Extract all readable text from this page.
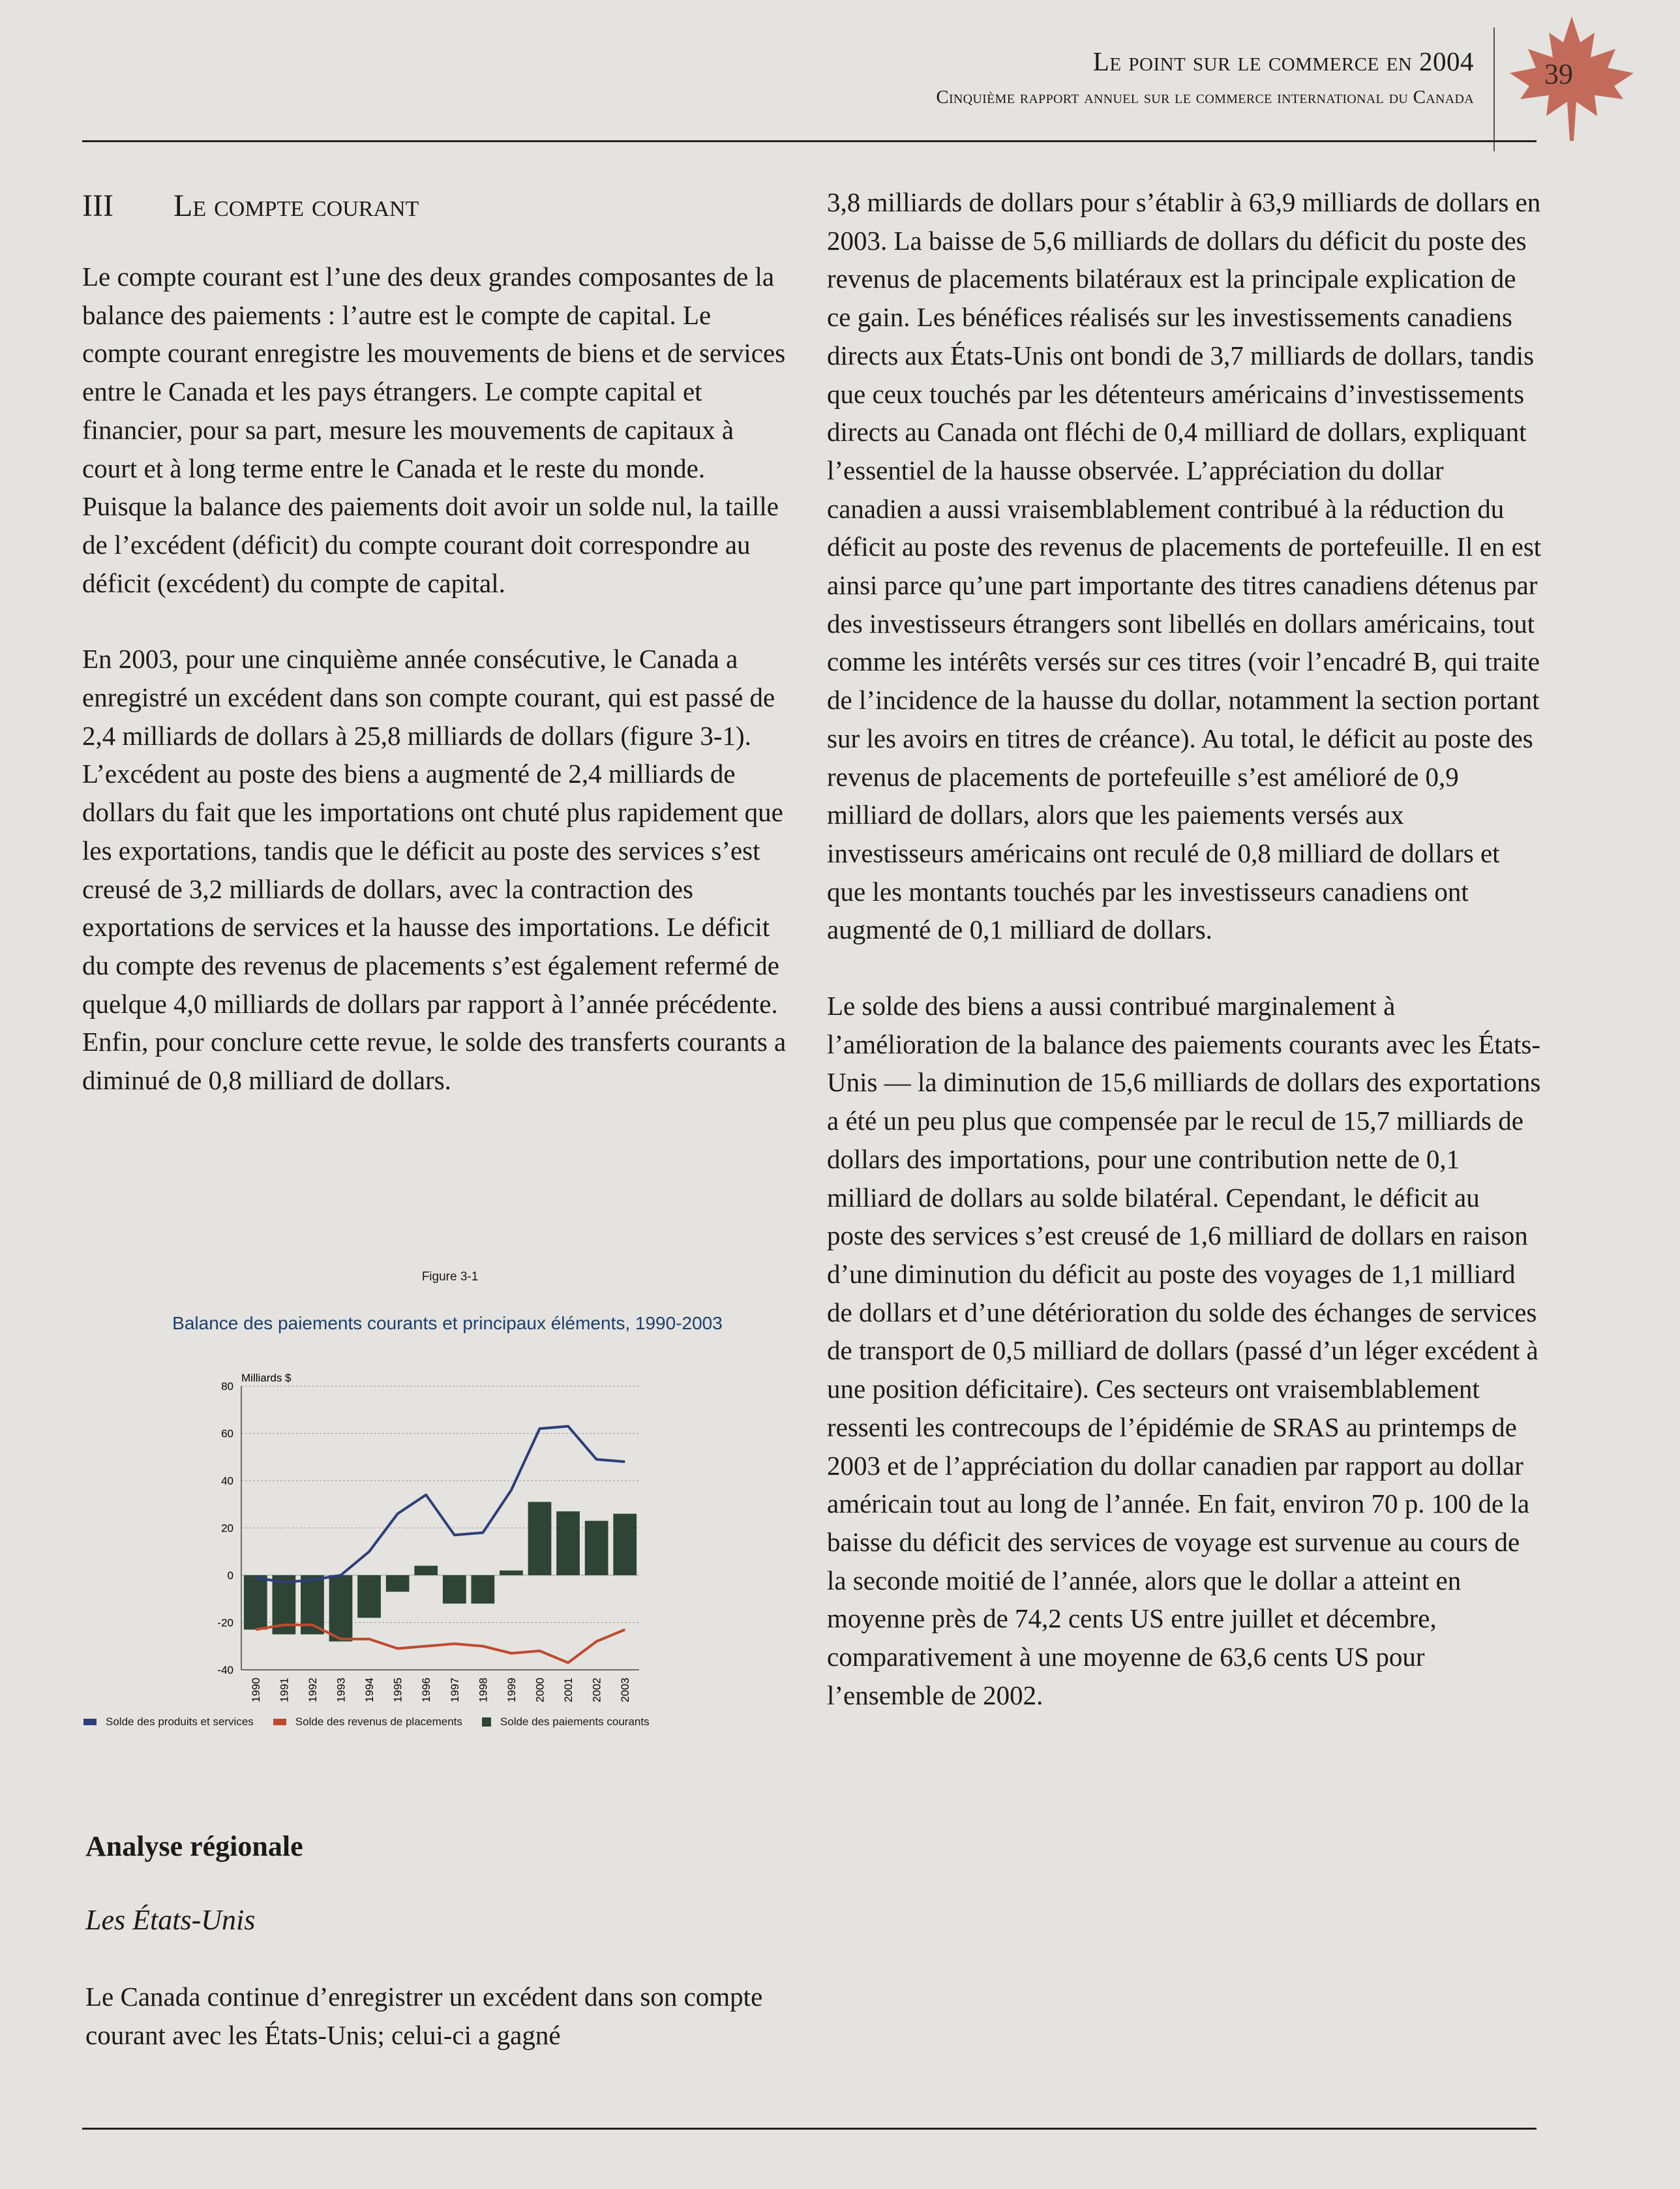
Le point sur le commerce en 2004
Cinquième rapport annuel sur le commerce international du Canada
39
III Le compte courant

Le compte courant est l’une des deux grandes composantes de la balance des paiements : l’autre est le compte de capital. Le compte courant enregistre les mouvements de biens et de services entre le Canada et les pays étrangers. Le compte capital et financier, pour sa part, mesure les mouvements de capitaux à court et à long terme entre le Canada et le reste du monde. Puisque la balance des paiements doit avoir un solde nul, la taille de l’excédent (déficit) du compte courant doit correspondre au déficit (excédent) du compte de capital.

En 2003, pour une cinquième année consécutive, le Canada a enregistré un excédent dans son compte courant, qui est passé de 2,4 milliards de dollars à 25,8 milliards de dollars (figure 3-1). L’excédent au poste des biens a augmenté de 2,4 milliards de dollars du fait que les importations ont chuté plus rapidement que les exportations, tandis que le déficit au poste des services s’est creusé de 3,2 milliards de dollars, avec la contraction des exportations de services et la hausse des importations. Le déficit du compte des revenus de placements s’est également refermé de quelque 4,0 milliards de dollars par rapport à l’année précédente. Enfin, pour conclure cette revue, le solde des transferts courants a diminué de 0,8 milliard de dollars.

Figure 3-1
Balance des paiements courants et principaux éléments, 1990-2003
Milliards $
-40
-20
0
20
40
60
80
1990 1991 1992 1993 1994 1995 1996 1997 1998 1999 2000 2001 2002 2003
Solde des produits et services	Solde des revenus de placements	Solde des paiements courants
Analyse régionale
Les États-Unis
Le Canada continue d’enregistrer un excédent dans son compte courant avec les États-Unis; celui-ci a gagné

3,8 milliards de dollars pour s’établir à 63,9 milliards de dollars en 2003. La baisse de 5,6 milliards de dollars du déficit du poste des revenus de placements bilatéraux est la principale explication de ce gain. Les bénéfices réalisés sur les investissements canadiens directs aux États-Unis ont bondi de 3,7 milliards de dollars, tandis que ceux touchés par les détenteurs américains d’investissements directs au Canada ont fléchi de 0,4 milliard de dollars, expliquant l’essentiel de la hausse observée. L’appréciation du dollar canadien a aussi vraisemblablement contribué à la réduction du déficit au poste des revenus de placements de portefeuille. Il en est ainsi parce qu’une part importante des titres canadiens détenus par des investisseurs étrangers sont libellés en dollars américains, tout comme les intérêts versés sur ces titres (voir l’encadré B, qui traite de l’incidence de la hausse du dollar, notamment la section portant sur les avoirs en titres de créance). Au total, le déficit au poste des revenus de placements de portefeuille s’est amélioré de 0,9 milliard de dollars, alors que les paiements versés aux investisseurs américains ont reculé de 0,8 milliard de dollars et que les montants touchés par les investisseurs canadiens ont augmenté de 0,1 milliard de dollars.

Le solde des biens a aussi contribué marginalement à l’amélioration de la balance des paiements courants avec les États-Unis — la diminution de 15,6 milliards de dollars des exportations a été un peu plus que compensée par le recul de 15,7 milliards de dollars des importations, pour une contribution nette de 0,1 milliard de dollars au solde bilatéral. Cependant, le déficit au poste des services s’est creusé de 1,6 milliard de dollars en raison d’une diminution du déficit au poste des voyages de 1,1 milliard de dollars et d’une détérioration du solde des échanges de services de transport de 0,5 milliard de dollars (passé d’un léger excédent à une position déficitaire). Ces secteurs ont vraisemblablement ressenti les contrecoups de l’épidémie de SRAS au printemps de 2003 et de l’appréciation du dollar canadien par rapport au dollar américain tout au long de l’année. En fait, environ 70 p. 100 de la baisse du déficit des services de voyage est survenue au cours de la seconde moitié de l’année, alors que le dollar a atteint en moyenne près de 74,2 cents US entre juillet et décembre, comparativement à une moyenne de 63,6 cents US pour l’ensemble de 2002.
